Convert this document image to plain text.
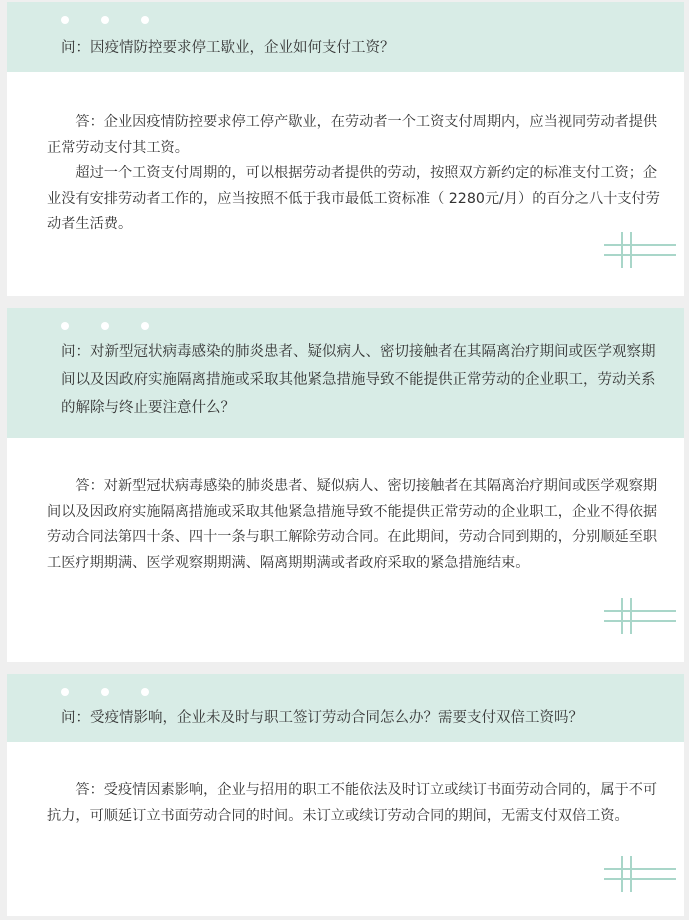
问：因疫情防控要求停工歇业，企业如何支付工资？

答：企业因疫情防控要求停工停产歇业，在劳动者一个工资支付周期内，应当视同劳动者提供正常劳动支付其工资。

超过一个工资支付周期的，可以根据劳动者提供的劳动，按照双方新约定的标准支付工资；企业没有安排劳动者工作的，应当按照不低于我市最低工资标准（ 2280元/月）的百分之八十支付劳动者生活费。

问：对新型冠状病毒感染的肺炎患者、疑似病人、密切接触者在其隔离治疗期间或医学观察期间以及因政府实施隔离措施或采取其他紧急措施导致不能提供正常劳动的企业职工，劳动关系的解除与终止要注意什么？

答：对新型冠状病毒感染的肺炎患者、疑似病人、密切接触者在其隔离治疗期间或医学观察期间以及因政府实施隔离措施或采取其他紧急措施导致不能提供正常劳动的企业职工，企业不得依据劳动合同法第四十条、四十一条与职工解除劳动合同。在此期间，劳动合同到期的，分别顺延至职工医疗期期满、医学观察期期满、隔离期期满或者政府采取的紧急措施结束。

问：受疫情影响，企业未及时与职工签订劳动合同怎么办？需要支付双倍工资吗？

答：受疫情因素影响，企业与招用的职工不能依法及时订立或续订书面劳动合同的，属于不可抗力，可顺延订立书面劳动合同的时间。未订立或续订劳动合同的期间，无需支付双倍工资。
